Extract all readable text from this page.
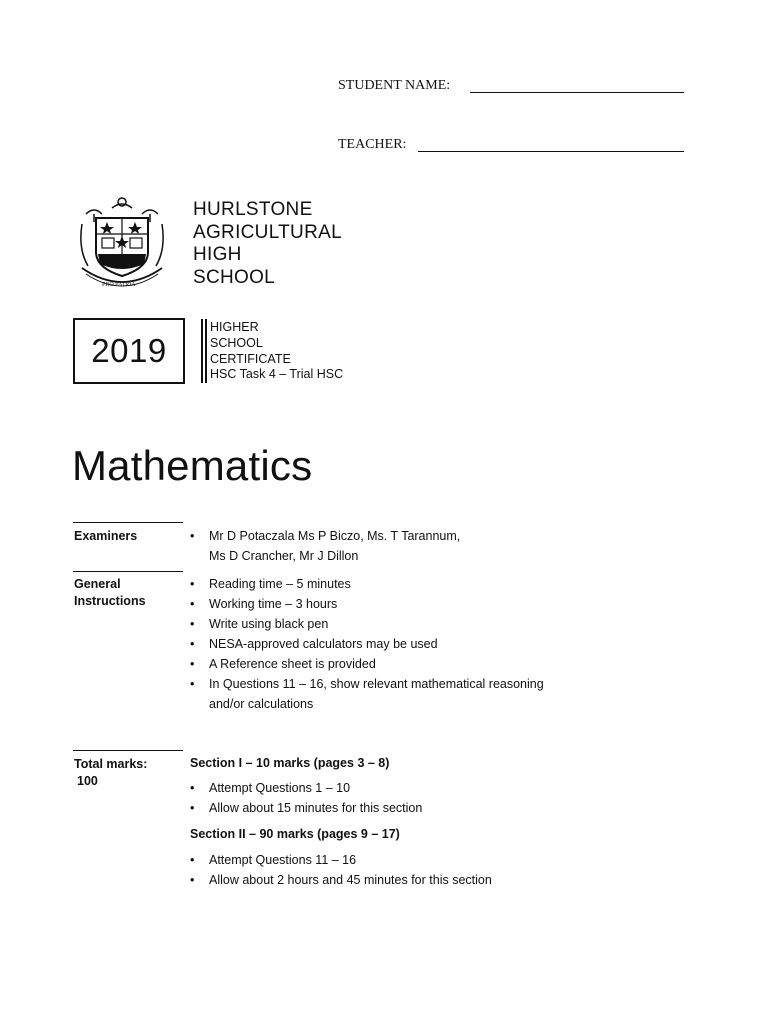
STUDENT NAME:
TEACHER:
PRO PATRIA
HURLSTONE
AGRICULTURAL
HIGH
SCHOOL
2019
HIGHER
SCHOOL
CERTIFICATE
HSC Task 4 – Trial HSC
Mathematics
Examiners
•	Mr D Potaczala Ms P Biczo, Ms. T Tarannum,
Ms D Crancher, Mr J Dillon
General
Instructions
• Reading time – 5 minutes
• Working time – 3 hours
• Write using black pen
• NESA-approved calculators may be used
• A Reference sheet is provided
• In Questions 11 – 16, show relevant mathematical reasoning
and/or calculations
Total marks:
100
Section I – 10 marks (pages 3 – 8)
• Attempt Questions 1 – 10
• Allow about 15 minutes for this section
Section II – 90 marks (pages 9 – 17)
• Attempt Questions 11 – 16
• Allow about 2 hours and 45 minutes for this section
